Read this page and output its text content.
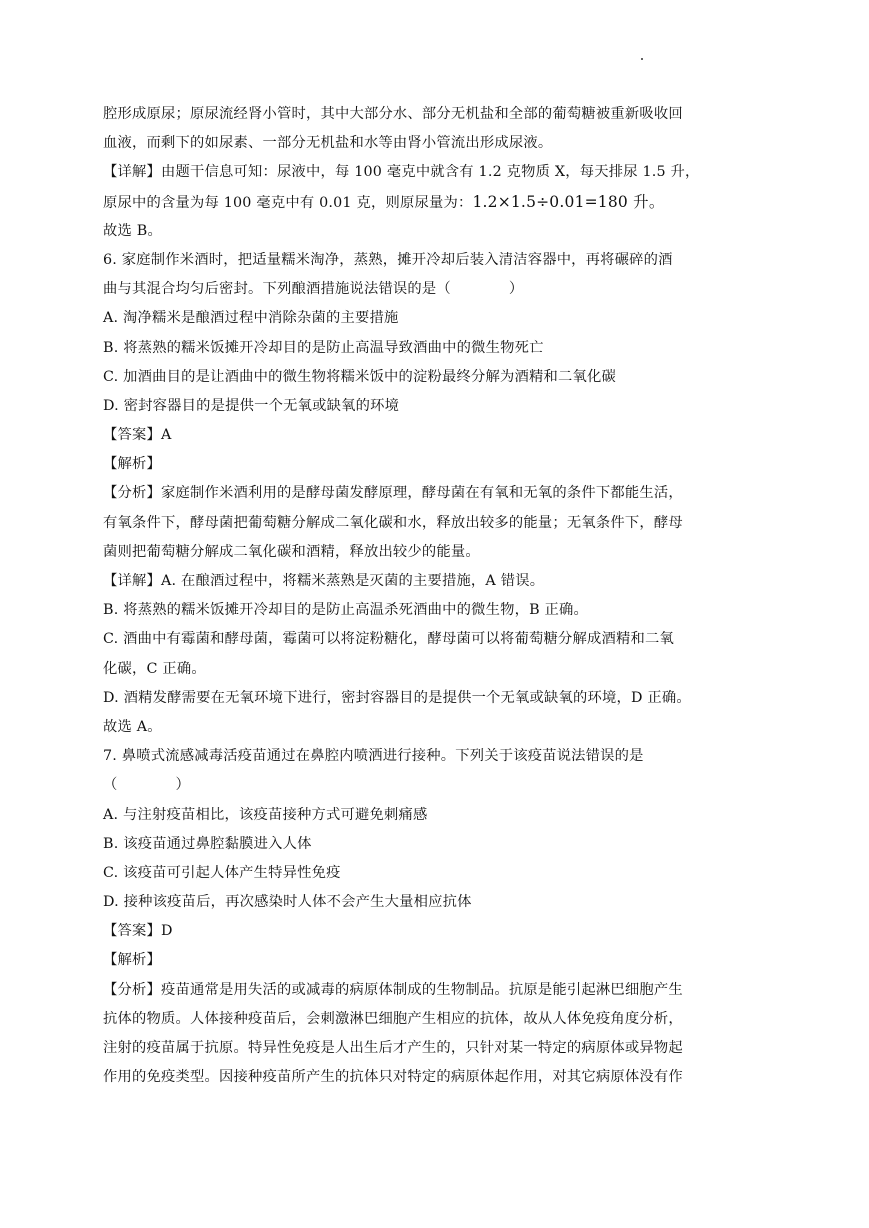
腔形成原尿；原尿流经肾小管时，其中大部分水、部分无机盐和全部的葡萄糖被重新吸收回
血液，而剩下的如尿素、一部分无机盐和水等由肾小管流出形成尿液。
【详解】由题干信息可知：尿液中，每 100 毫克中就含有 1.2 克物质 X，每天排尿 1.5 升，
原尿中的含量为每 100 毫克中有 0.01 克，则原尿量为：1.2×1.5÷0.01=180 升。
故选 B。
6. 家庭制作米酒时，把适量糯米淘净，蒸熟，摊开冷却后装入清洁容器中，再将碾碎的酒
曲与其混合均匀后密封。下列酿酒措施说法错误的是（　　　　）
A. 淘净糯米是酿酒过程中消除杂菌的主要措施
B. 将蒸熟的糯米饭摊开冷却目的是防止高温导致酒曲中的微生物死亡
C. 加酒曲目的是让酒曲中的微生物将糯米饭中的淀粉最终分解为酒精和二氧化碳
D. 密封容器目的是提供一个无氧或缺氧的环境
【答案】A
【解析】
【分析】家庭制作米酒利用的是酵母菌发酵原理，酵母菌在有氧和无氧的条件下都能生活，
有氧条件下，酵母菌把葡萄糖分解成二氧化碳和水，释放出较多的能量；无氧条件下，酵母
菌则把葡萄糖分解成二氧化碳和酒精，释放出较少的能量。
【详解】A. 在酿酒过程中，将糯米蒸熟是灭菌的主要措施，A 错误。
B. 将蒸熟的糯米饭摊开冷却目的是防止高温杀死酒曲中的微生物，B 正确。
C. 酒曲中有霉菌和酵母菌，霉菌可以将淀粉糖化，酵母菌可以将葡萄糖分解成酒精和二氧
化碳，C 正确。
D. 酒精发酵需要在无氧环境下进行，密封容器目的是提供一个无氧或缺氧的环境，D 正确。
故选 A。
7. 鼻喷式流感减毒活疫苗通过在鼻腔内喷洒进行接种。下列关于该疫苗说法错误的是
（　　　　）
A. 与注射疫苗相比，该疫苗接种方式可避免刺痛感
B. 该疫苗通过鼻腔黏膜进入人体
C. 该疫苗可引起人体产生特异性免疫
D. 接种该疫苗后，再次感染时人体不会产生大量相应抗体
【答案】D
【解析】
【分析】疫苗通常是用失活的或减毒的病原体制成的生物制品。抗原是能引起淋巴细胞产生
抗体的物质。人体接种疫苗后，会刺激淋巴细胞产生相应的抗体，故从人体免疫角度分析，
注射的疫苗属于抗原。特异性免疫是人出生后才产生的，只针对某一特定的病原体或异物起
作用的免疫类型。因接种疫苗所产生的抗体只对特定的病原体起作用，对其它病原体没有作
